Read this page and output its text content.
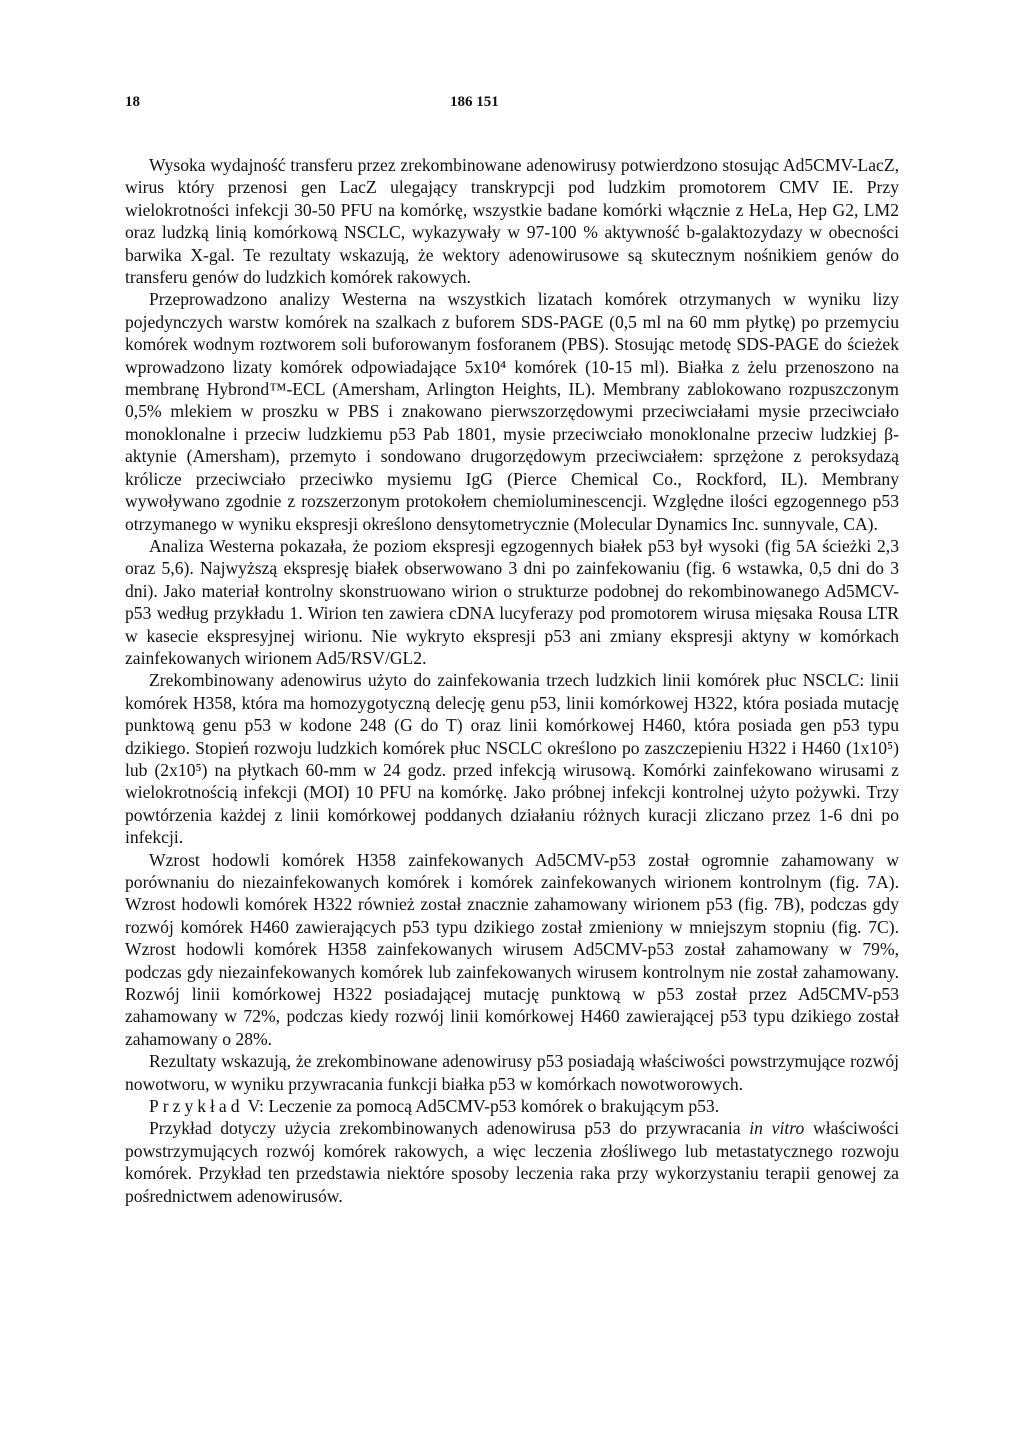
18	186 151

Wysoka wydajność transferu przez zrekombinowane adenowirusy potwierdzono stosując Ad5CMV-LacZ, wirus który przenosi gen LacZ ulegający transkrypcji pod ludzkim promotorem CMV IE. Przy wielokrotności infekcji 30-50 PFU na komórkę, wszystkie badane komórki włącznie z HeLa, Hep G2, LM2 oraz ludzką linią komórkową NSCLC, wykazywały w 97-100 % aktywność b-galaktozydazy w obecności barwika X-gal. Te rezultaty wskazują, że wektory adenowirusowe są skutecznym nośnikiem genów do transferu genów do ludzkich komórek rakowych.

Przeprowadzono analizy Westerna na wszystkich lizatach komórek otrzymanych w wyniku lizy pojedynczych warstw komórek na szalkach z buforem SDS-PAGE (0,5 ml na 60 mm płytkę) po przemyciu komórek wodnym roztworem soli buforowanym fosforanem (PBS). Stosując metodę SDS-PAGE do ścieżek wprowadzono lizaty komórek odpowiadające 5x10⁴ komórek (10-15 ml). Białka z żelu przenoszono na membranę Hybrond™-ECL (Amersham, Arlington Heights, IL). Membrany zablokowano rozpuszczonym 0,5% mlekiem w proszku w PBS i znakowano pierwszorzędowymi przeciwciałami mysie przeciwciało monoklonalne i przeciw ludzkiemu p53 Pab 1801, mysie przeciwciało monoklonalne przeciw ludzkiej β-aktynie (Amersham), przemyto i sondowano drugorzędowym przeciwciałem: sprzężone z peroksydazą królicze przeciwciało przeciwko mysiemu IgG (Pierce Chemical Co., Rockford, IL). Membrany wywoływano zgodnie z rozszerzonym protokołem chemioluminescencji. Względne ilości egzogennego p53 otrzymanego w wyniku ekspresji określono densytometrycznie (Molecular Dynamics Inc. sunnyvale, CA).

Analiza Westerna pokazała, że poziom ekspresji egzogennych białek p53 był wysoki (fig 5A ścieżki 2,3 oraz 5,6). Najwyższą ekspresję białek obserwowano 3 dni po zainfekowaniu (fig. 6 wstawka, 0,5 dni do 3 dni). Jako materiał kontrolny skonstruowano wirion o strukturze podobnej do rekombinowanego Ad5MCV-p53 według przykładu 1. Wirion ten zawiera cDNA lucyferazy pod promotorem wirusa mięsaka Rousa LTR w kasecie ekspresyjnej wirionu. Nie wykryto ekspresji p53 ani zmiany ekspresji aktyny w komórkach zainfekowanych wirionem Ad5/RSV/GL2.

Zrekombinowany adenowirus użyto do zainfekowania trzech ludzkich linii komórek płuc NSCLC: linii komórek H358, która ma homozygotyczną delecję genu p53, linii komórkowej H322, która posiada mutację punktową genu p53 w kodone 248 (G do T) oraz linii komórkowej H460, która posiada gen p53 typu dzikiego. Stopień rozwoju ludzkich komórek płuc NSCLC określono po zaszczepieniu H322 i H460 (1x10⁵) lub (2x10⁵) na płytkach 60-mm w 24 godz. przed infekcją wirusową. Komórki zainfekowano wirusami z wielokrotnością infekcji (MOI) 10 PFU na komórkę. Jako próbnej infekcji kontrolnej użyto pożywki. Trzy powtórzenia każdej z linii komórkowej poddanych działaniu różnych kuracji zliczano przez 1-6 dni po infekcji.

Wzrost hodowli komórek H358 zainfekowanych Ad5CMV-p53 został ogromnie zahamowany w porównaniu do niezainfekowanych komórek i komórek zainfekowanych wirionem kontrolnym (fig. 7A). Wzrost hodowli komórek H322 również został znacznie zahamowany wirionem p53 (fig. 7B), podczas gdy rozwój komórek H460 zawierających p53 typu dzikiego został zmieniony w mniejszym stopniu (fig. 7C). Wzrost hodowli komórek H358 zainfekowanych wirusem Ad5CMV-p53 został zahamowany w 79%, podczas gdy niezainfekowanych komórek lub zainfekowanych wirusem kontrolnym nie został zahamowany. Rozwój linii komórkowej H322 posiadającej mutację punktową w p53 został przez Ad5CMV-p53 zahamowany w 72%, podczas kiedy rozwój linii komórkowej H460 zawierającej p53 typu dzikiego został zahamowany o 28%.

Rezultaty wskazują, że zrekombinowane adenowirusy p53 posiadają właściwości powstrzymujące rozwój nowotworu, w wyniku przywracania funkcji białka p53 w komórkach nowotworowych.

Przykład V: Leczenie za pomocą Ad5CMV-p53 komórek o brakującym p53.

Przykład dotyczy użycia zrekombinowanych adenowirusa p53 do przywracania in vitro właściwości powstrzymujących rozwój komórek rakowych, a więc leczenia złośliwego lub metastatycznego rozwoju komórek. Przykład ten przedstawia niektóre sposoby leczenia raka przy wykorzystaniu terapii genowej za pośrednictwem adenowirusów.
